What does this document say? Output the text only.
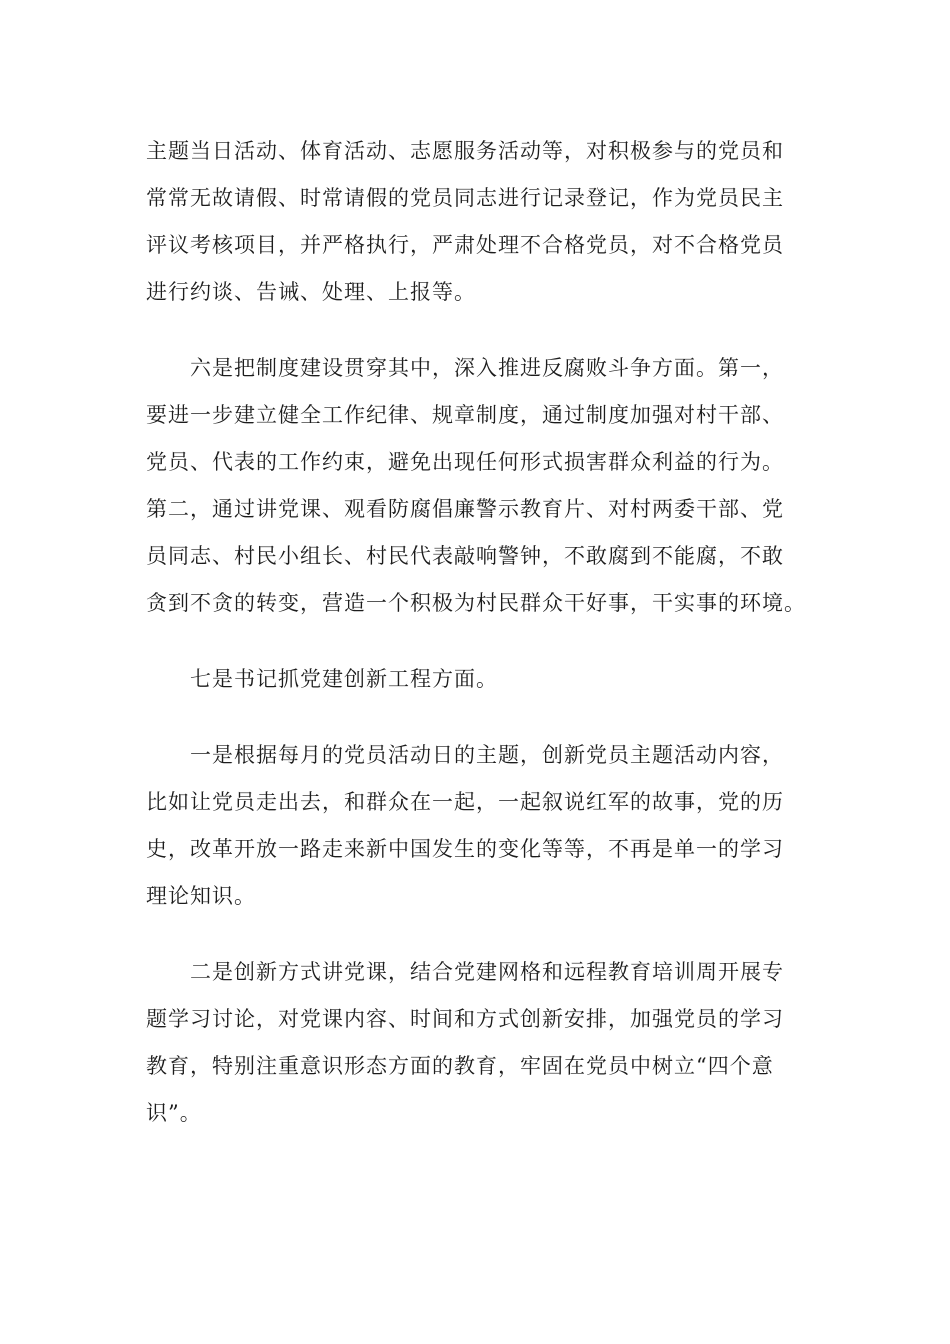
主题当日活动、体育活动、志愿服务活动等，对积极参与的党员和
常常无故请假、时常请假的党员同志进行记录登记，作为党员民主
评议考核项目，并严格执行，严肃处理不合格党员，对不合格党员
进行约谈、告诫、处理、上报等。
六是把制度建设贯穿其中，深入推进反腐败斗争方面。第一，
要进一步建立健全工作纪律、规章制度，通过制度加强对村干部、
党员、代表的工作约束，避免出现任何形式损害群众利益的行为。
第二，通过讲党课、观看防腐倡廉警示教育片、对村两委干部、党
员同志、村民小组长、村民代表敲响警钟，不敢腐到不能腐，不敢
贪到不贪的转变，营造一个积极为村民群众干好事，干实事的环境。
七是书记抓党建创新工程方面。
一是根据每月的党员活动日的主题，创新党员主题活动内容，
比如让党员走出去，和群众在一起，一起叙说红军的故事，党的历
史，改革开放一路走来新中国发生的变化等等，不再是单一的学习
理论知识。
二是创新方式讲党课，结合党建网格和远程教育培训周开展专
题学习讨论，对党课内容、时间和方式创新安排，加强党员的学习
教育，特别注重意识形态方面的教育，牢固在党员中树立“四个意
识”。
